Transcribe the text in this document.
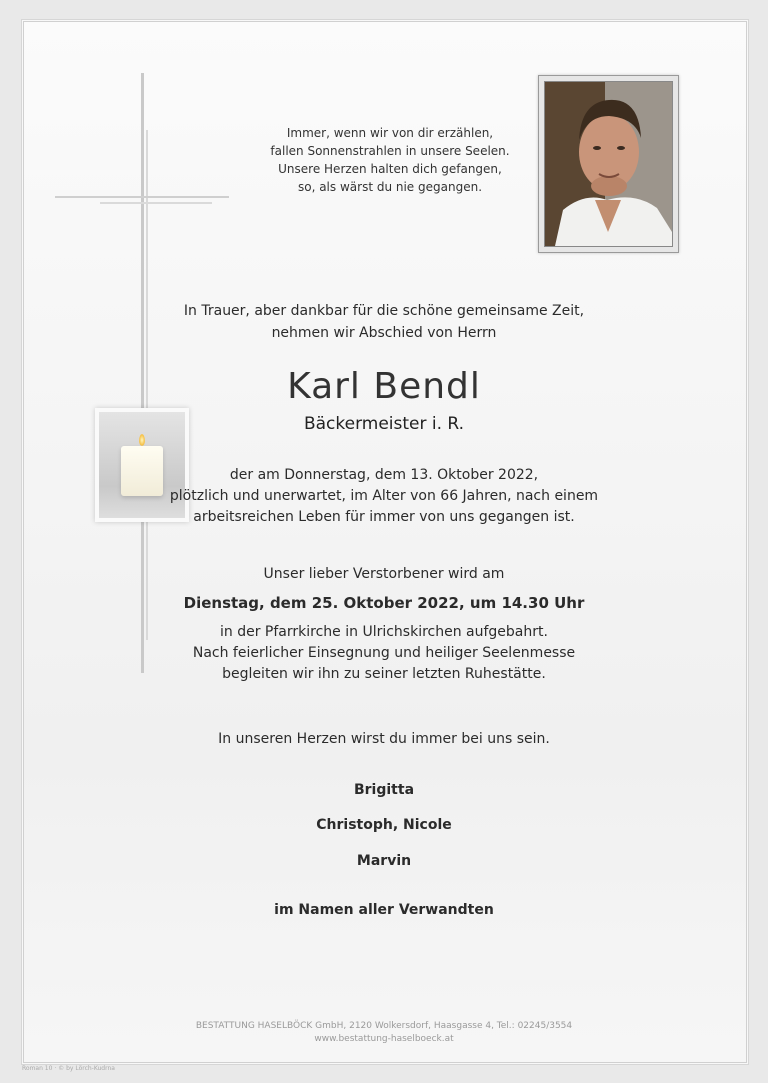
Immer, wenn wir von dir erzählen,
fallen Sonnenstrahlen in unsere Seelen.
Unsere Herzen halten dich gefangen,
so, als wärst du nie gegangen.
In Trauer, aber dankbar für die schöne gemeinsame Zeit,
nehmen wir Abschied von Herrn
Karl Bendl
Bäckermeister i. R.
der am Donnerstag, dem 13. Oktober 2022,
plötzlich und unerwartet, im Alter von 66 Jahren, nach einem
arbeitsreichen Leben für immer von uns gegangen ist.
Unser lieber Verstorbener wird am
Dienstag, dem 25. Oktober 2022, um 14.30 Uhr
in der Pfarrkirche in Ulrichskirchen aufgebahrt.
Nach feierlicher Einsegnung und heiliger Seelenmesse
begleiten wir ihn zu seiner letzten Ruhestätte.
In unseren Herzen wirst du immer bei uns sein.
Brigitta
Christoph, Nicole
Marvin
im Namen aller Verwandten
BESTATTUNG HASELBÖCK GmbH, 2120 Wolkersdorf, Haasgasse 4, Tel.: 02245/3554
www.bestattung-haselboeck.at
Roman 10 · © by Lörch-Kudrna
